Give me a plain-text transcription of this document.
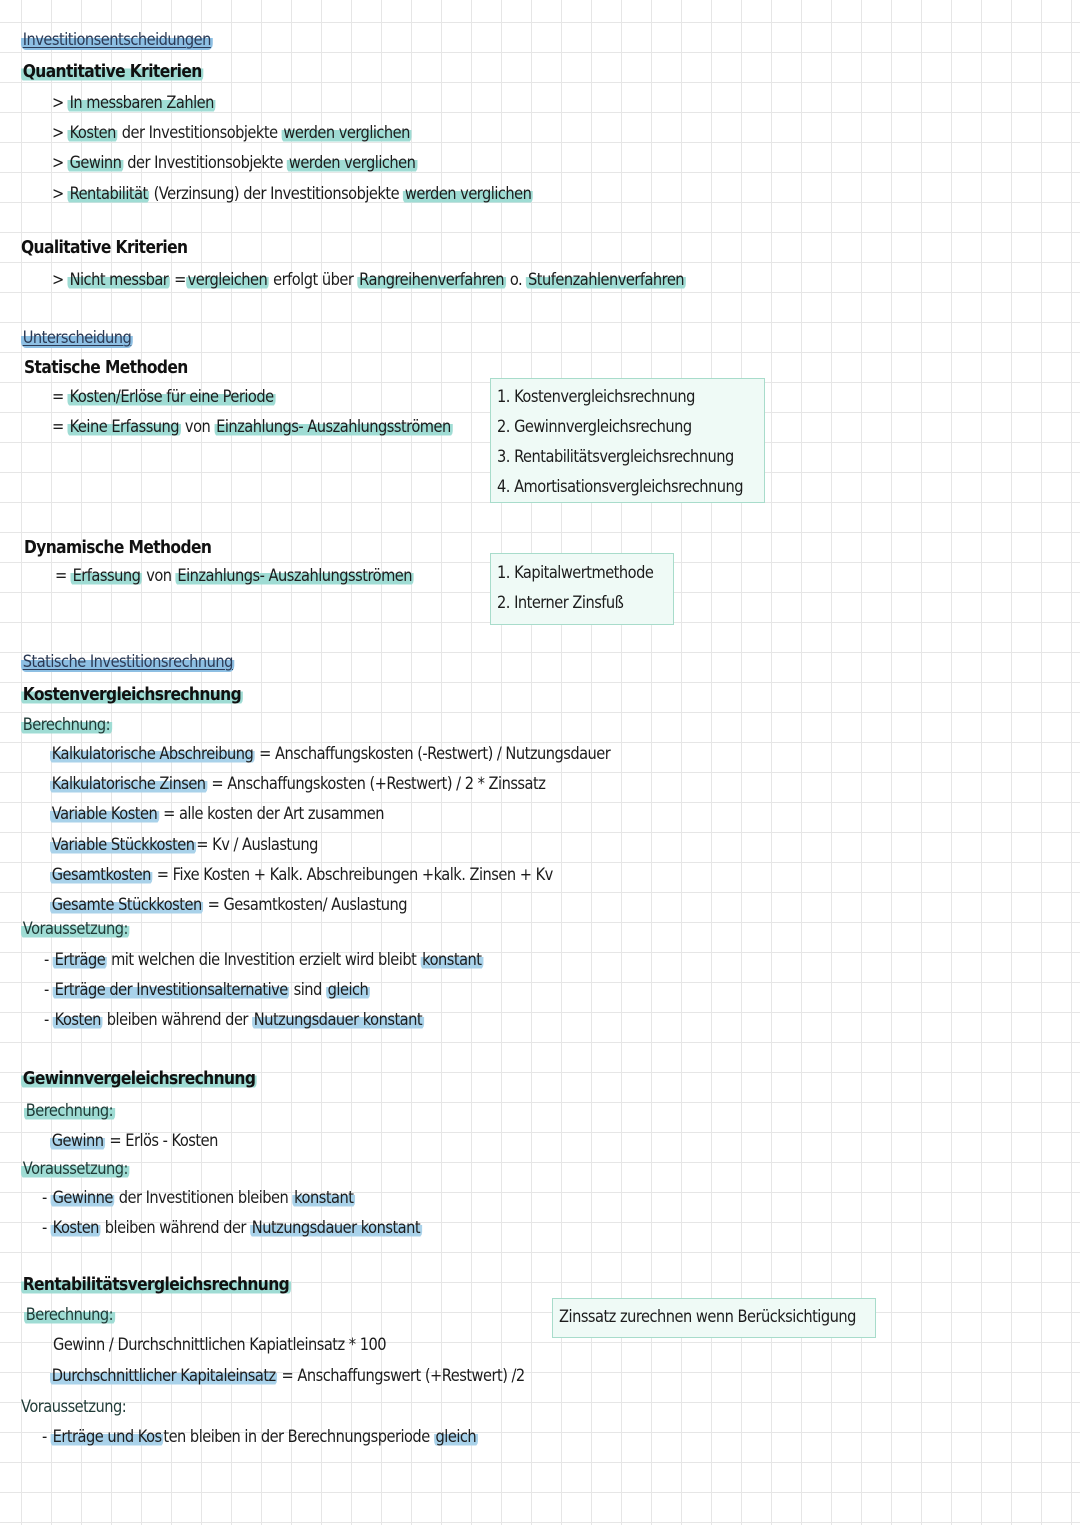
Investitionsentscheidungen
Quantitative Kriterien
> In messbaren Zahlen
> Kosten der Investitionsobjekte werden verglichen
> Gewinn der Investitionsobjekte werden verglichen
> Rentabilität (Verzinsung) der Investitionsobjekte werden verglichen
Qualitative Kriterien
> Nicht messbar = vergleichen erfolgt über Rangreihenverfahren o. Stufenzahlenverfahren
Unterscheidung
Statische Methoden
= Kosten/Erlöse für eine Periode
= Keine Erfassung von Einzahlungs- Auszahlungsströmen
1. Kostenvergleichsrechnung
2. Gewinnvergleichsrechung
3. Rentabilitätsvergleichsrechnung
4. Amortisationsvergleichsrechnung
Dynamische Methoden
= Erfassung von Einzahlungs- Auszahlungsströmen	1. Kapitalwertmethode
2. Interner Zinsfuß
Statische Investitionsrechnung
Kostenvergleichsrechnung
Berechnung:
Kalkulatorische Abschreibung = Anschaffungskosten (-Restwert) / Nutzungsdauer
Kalkulatorische Zinsen = Anschaffungskosten (+Restwert) / 2 * Zinssatz
Variable Kosten = alle kosten der Art zusammen
Variable Stückkosten = Kv / Auslastung
Gesamtkosten = Fixe Kosten + Kalk. Abschreibungen +kalk. Zinsen + Kv
Gesamte Stückkosten = Gesamtkosten/ Auslastung
Voraussetzung:
- Erträge mit welchen die Investition erzielt wird bleibt konstant
- Erträge der Investitionsalternative sind gleich
- Kosten bleiben während der Nutzungsdauer konstant
Gewinnvergeleichsrechnung
Berechnung:
Gewinn = Erlös - Kosten
Voraussetzung:
- Gewinne der Investitionen bleiben konstant
- Kosten bleiben während der Nutzungsdauer konstant
Rentabilitätsvergleichsrechnung
Berechnung:
Gewinn / Durchschnittlichen Kapiatleinsatz * 100
Durchschnittlicher Kapitaleinsatz = Anschaffungswert (+Restwert) /2
Voraussetzung:
- Erträge und Kos ten bleiben in der Berechnungsperiode gleich
Zinssatz zurechnen wenn Berücksichtigung
